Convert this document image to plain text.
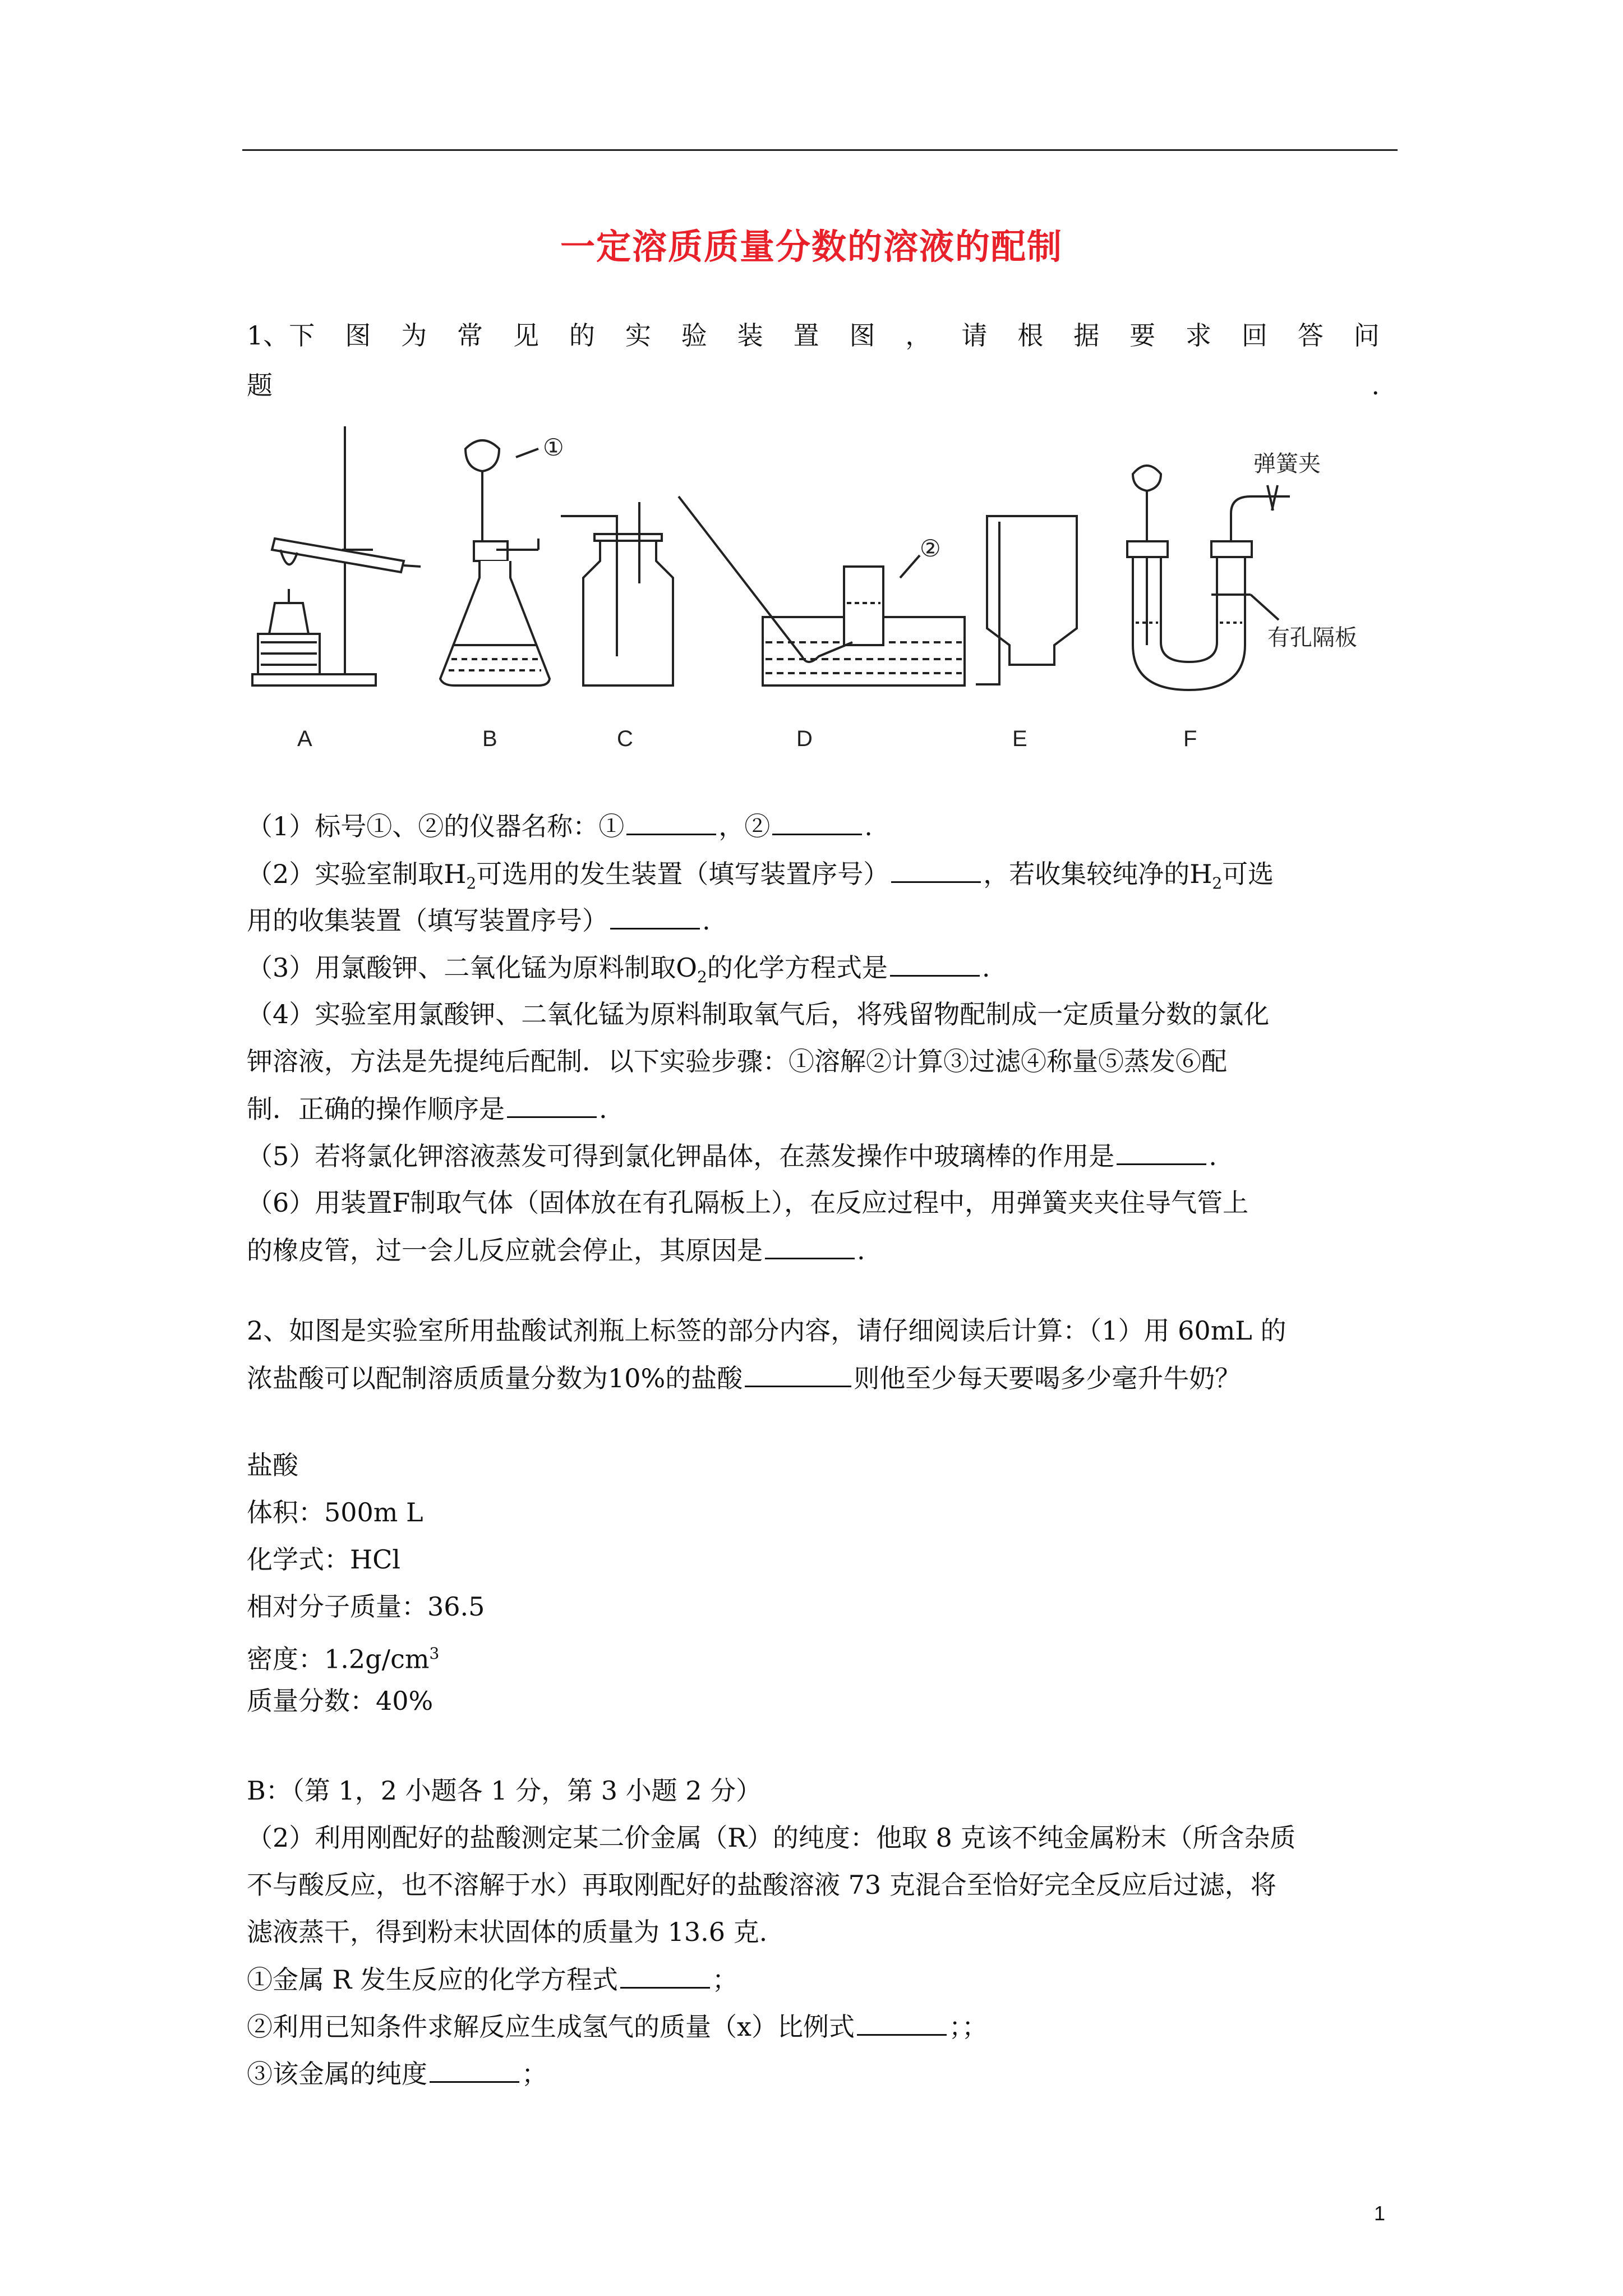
一定溶质质量分数的溶液的配制
1、下 图 为 常 见 的 实 验 装 置 图 ， 请 根 据 要 求 回 答 问
题	.
A
①
B	C
②
D	E
弹簧夹
有孔隔板
F
（1）标号①、②的仪器名称：①	，②	.
（2）实验室制取$H_2$可选用的发生装置（填写装置序号）	，若收集较纯净的$H_2$可选
用的收集装置（填写装置序号）	.
（3）用氯酸钾、二氧化锰为原料制取$O_2$的化学方程式是	.
（4）实验室用氯酸钾、二氧化锰为原料制取氧气后，将残留物配制成一定质量分数的氯化
钾溶液，方法是先提纯后配制．以下实验步骤：①溶解②计算③过滤④称量⑤蒸发⑥配
制．正确的操作顺序是	.
（5）若将氯化钾溶液蒸发可得到氯化钾晶体，在蒸发操作中玻璃棒的作用是	.
（6）用装置F制取气体（固体放在有孔隔板上），在反应过程中，用弹簧夹夹住导气管上
的橡皮管，过一会儿反应就会停止，其原因是	.
2、如图是实验室所用盐酸试剂瓶上标签的部分内容，请仔细阅读后计算：（1）用 60mL 的
浓盐酸可以配制溶质质量分数为10%的盐酸	则他至少每天要喝多少毫升牛奶？
盐酸
体积：500m L
化学式：HCl
相对分子质量：36.5
密度：$1.2g/cm^3$
质量分数：40%
B：（第 1，2 小题各 1 分，第 3 小题 2 分）
（2）利用刚配好的盐酸测定某二价金属（R）的纯度：他取 8 克该不纯金属粉末（所含杂质
不与酸反应，也不溶解于水）再取刚配好的盐酸溶液 73 克混合至恰好完全反应后过滤，将
滤液蒸干，得到粉末状固体的质量为 13.6 克.
①金属 R 发生反应的化学方程式	；
②利用已知条件求解反应生成氢气的质量（x）比例式	；；
③该金属的纯度	；
1
